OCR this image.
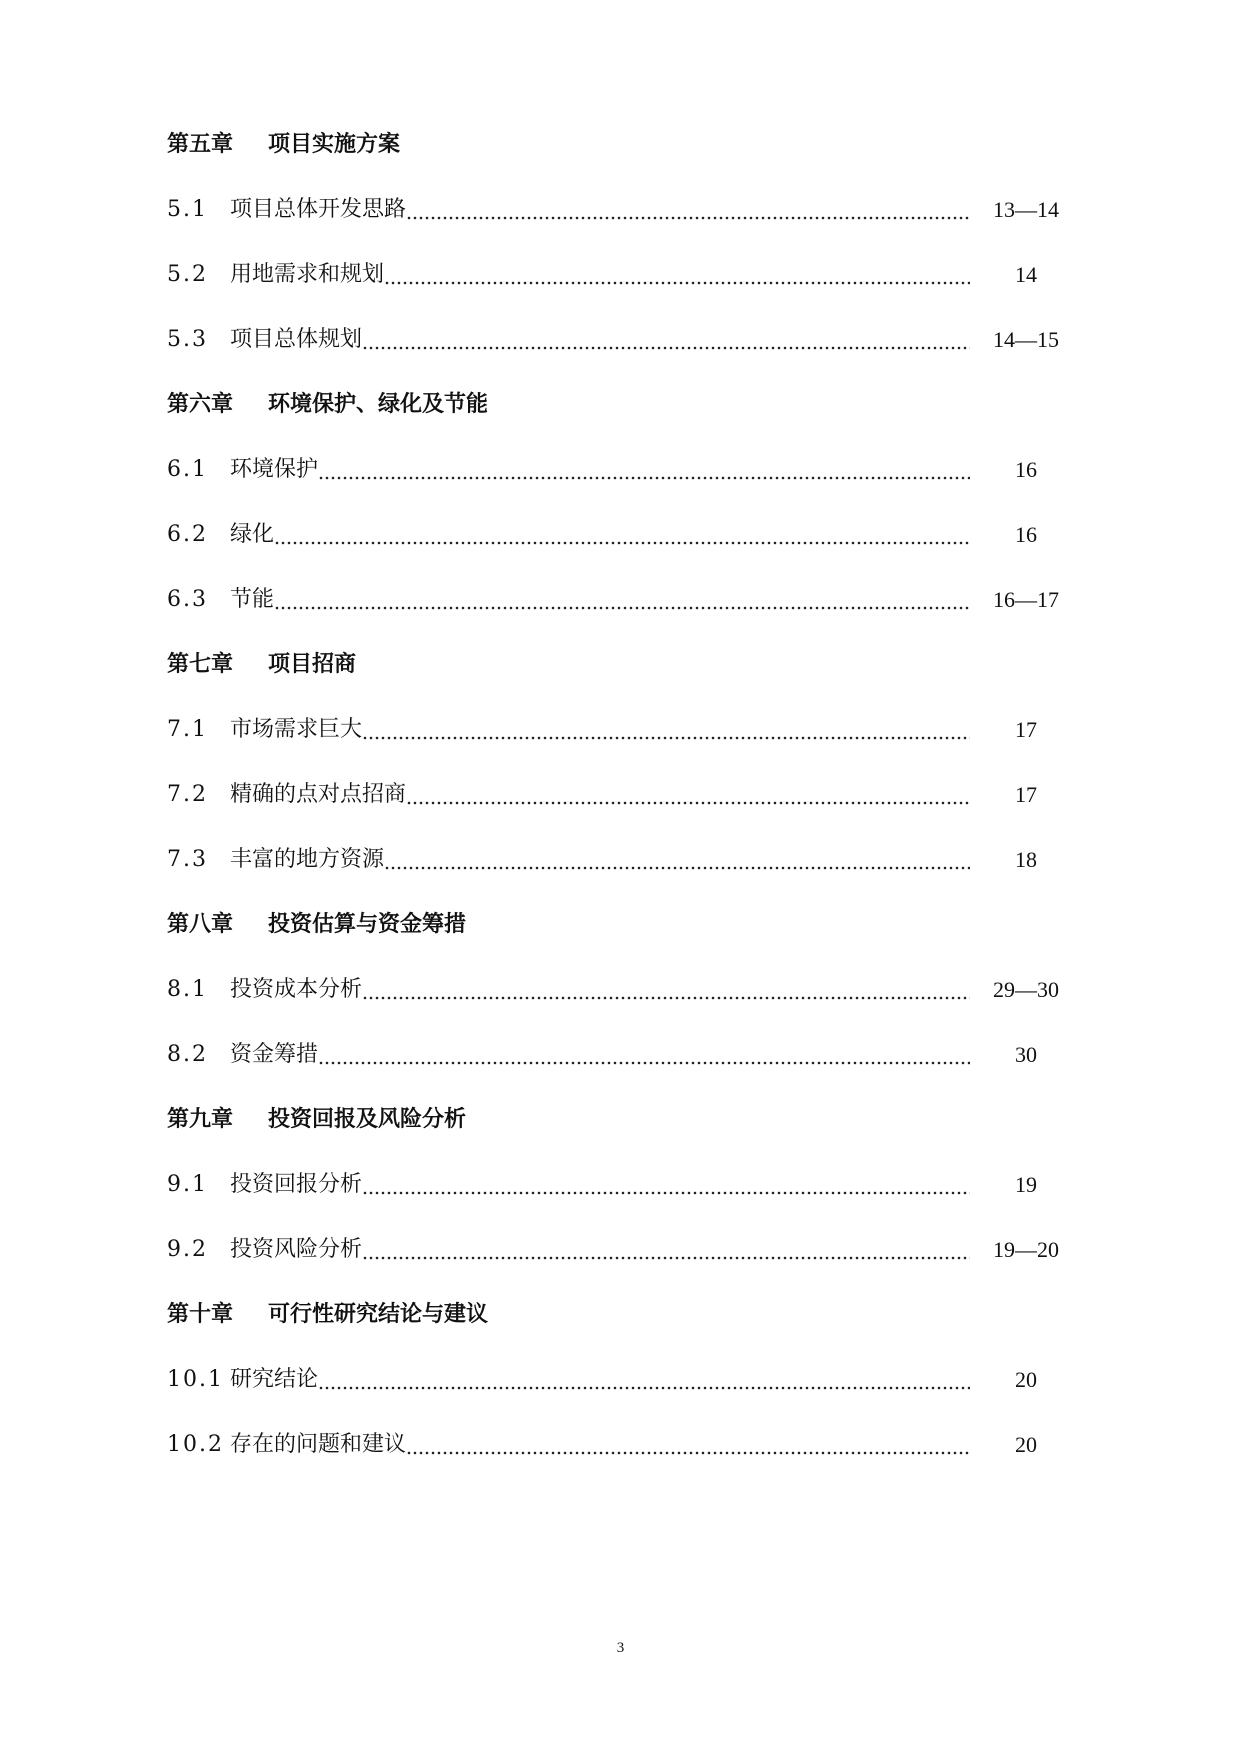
第五章 项目实施方案
5.1	项目总体开发思路	13—14
5.2	用地需求和规划	14
5.3	项目总体规划	14—15
第六章 环境保护、绿化及节能
6.1	环境保护	16
6.2	绿化	16
6.3	节能	16—17
第七章 项目招商
7.1	市场需求巨大	17
7.2	精确的点对点招商	17
7.3	丰富的地方资源	18
第八章 投资估算与资金筹措
8.1	投资成本分析	29—30
8.2	资金筹措	30
第九章 投资回报及风险分析
9.1	投资回报分析	19
9.2	投资风险分析	19—20
第十章 可行性研究结论与建议
10.1 研究结论	20
10.2 存在的问题和建议	20
3
